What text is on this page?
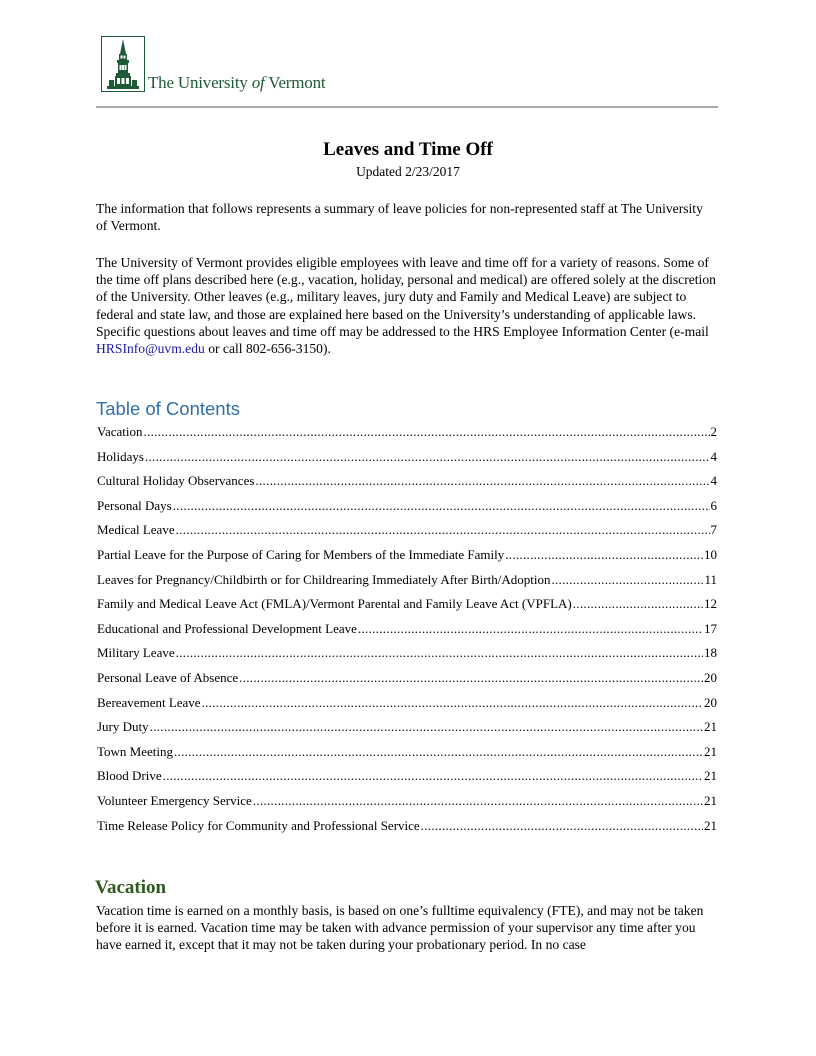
The University of Vermont
Leaves and Time Off
Updated 2/23/2017
The information that follows represents a summary of leave policies for non-represented staff at The University of Vermont.
The University of Vermont provides eligible employees with leave and time off for a variety of reasons. Some of the time off plans described here (e.g., vacation, holiday, personal and medical) are offered solely at the discretion of the University. Other leaves (e.g., military leaves, jury duty and Family and Medical Leave) are subject to federal and state law, and those are explained here based on the University’s understanding of applicable laws. Specific questions about leaves and time off may be addressed to the HRS Employee Information Center (e-mail HRSInfo@uvm.edu or call 802-656-3150).
Table of Contents
Vacation .....	2
Holidays .....	4
Cultural Holiday Observances .....	4
Personal Days .....	6
Medical Leave .....	7
Partial Leave for the Purpose of Caring for Members of the Immediate Family .....	10
Leaves for Pregnancy/Childbirth or for Childrearing Immediately After Birth/Adoption .....	11
Family and Medical Leave Act (FMLA)/Vermont Parental and Family Leave Act (VPFLA) .....	12
Educational and Professional Development Leave .....	17
Military Leave .....	18
Personal Leave of Absence .....	20
Bereavement Leave .....	20
Jury Duty .....	21
Town Meeting .....	21
Blood Drive .....	21
Volunteer Emergency Service .....	21
Time Release Policy for Community and Professional Service .....	21
Vacation
Vacation time is earned on a monthly basis, is based on one’s fulltime equivalency (FTE), and may not be taken before it is earned. Vacation time may be taken with advance permission of your supervisor any time after you have earned it, except that it may not be taken during your probationary period. In no case
